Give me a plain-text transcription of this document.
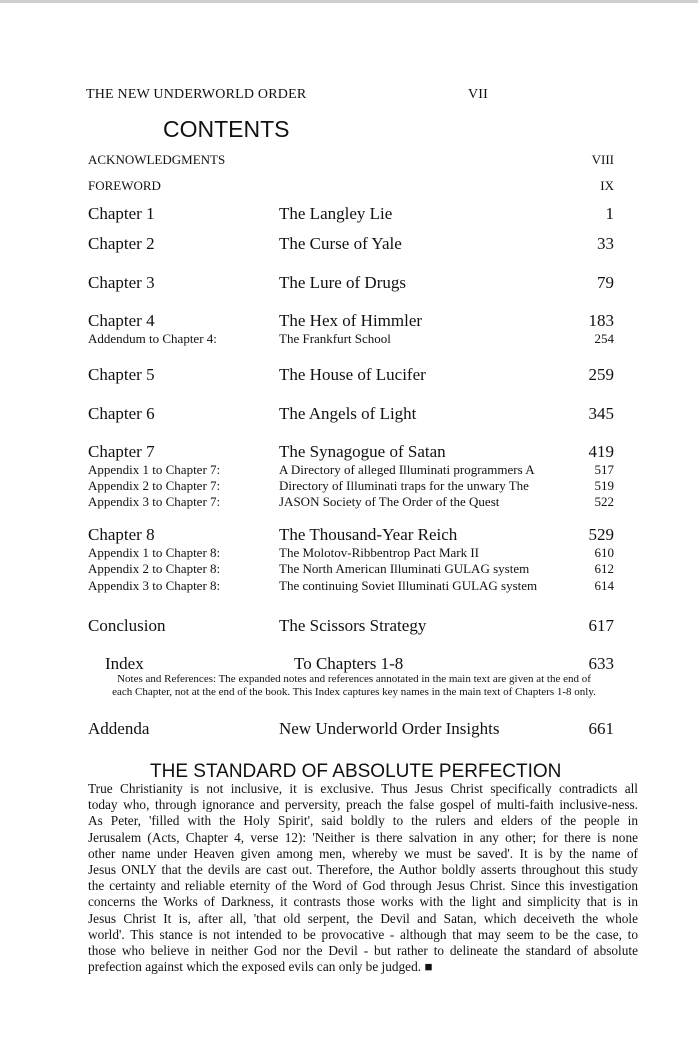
THE NEW UNDERWORLD ORDER	VII
CONTENTS
ACKNOWLEDGMENTS	VIII
FOREWORD	IX
Chapter 1	The Langley Lie	1
Chapter 2	The Curse of Yale	33
Chapter 3	The Lure of Drugs	79
Chapter 4	The Hex of Himmler	183
Addendum to Chapter 4:	The Frankfurt School	254
Chapter 5	The House of Lucifer	259
Chapter 6	The Angels of Light	345
Chapter 7	The Synagogue of Satan	419
Appendix 1 to Chapter 7:	A Directory of alleged Illuminati programmers A	517
Appendix 2 to Chapter 7:	Directory of Illuminati traps for the unwary The	519
Appendix 3 to Chapter 7:	JASON Society of The Order of the Quest	522
Chapter 8	The Thousand-Year Reich	529
Appendix 1 to Chapter 8:	The Molotov-Ribbentrop Pact Mark II	610
Appendix 2 to Chapter 8:	The North American Illuminati GULAG system	612
Appendix 3 to Chapter 8:	The continuing Soviet Illuminati GULAG system	614
Conclusion	The Scissors Strategy	617
Index	To Chapters 1-8	633
Notes and References: The expanded notes and references annotated in the main text are given at the end of
each Chapter, not at the end of the book. This Index captures key names in the main text of Chapters 1-8 only.
Addenda	New Underworld Order Insights	661
THE STANDARD OF ABSOLUTE PERFECTION
True Christianity is not inclusive, it is exclusive. Thus Jesus Christ specifically contradicts all
today who, through ignorance and perversity, preach the false gospel of multi-faith inclusive-ness.
As Peter, 'filled with the Holy Spirit', said boldly to the rulers and elders of the people in
Jerusalem (Acts, Chapter 4, verse 12): 'Neither is there salvation in any other; for there is none
other name under Heaven given among men, whereby we must be saved'. It is by the name of
Jesus ONLY that the devils are cast out. Therefore, the Author boldly asserts throughout this study
the certainty and reliable eternity of the Word of God through Jesus Christ. Since this investigation
concerns the Works of Darkness, it contrasts those works with the light and simplicity that is in
Jesus Christ It is, after all, 'that old serpent, the Devil and Satan, which deceiveth the whole
world'. This stance is not intended to be provocative - although that may seem to be the case, to
those who believe in neither God nor the Devil - but rather to delineate the standard of absolute
prefection against which the exposed evils can only be judged. ■
